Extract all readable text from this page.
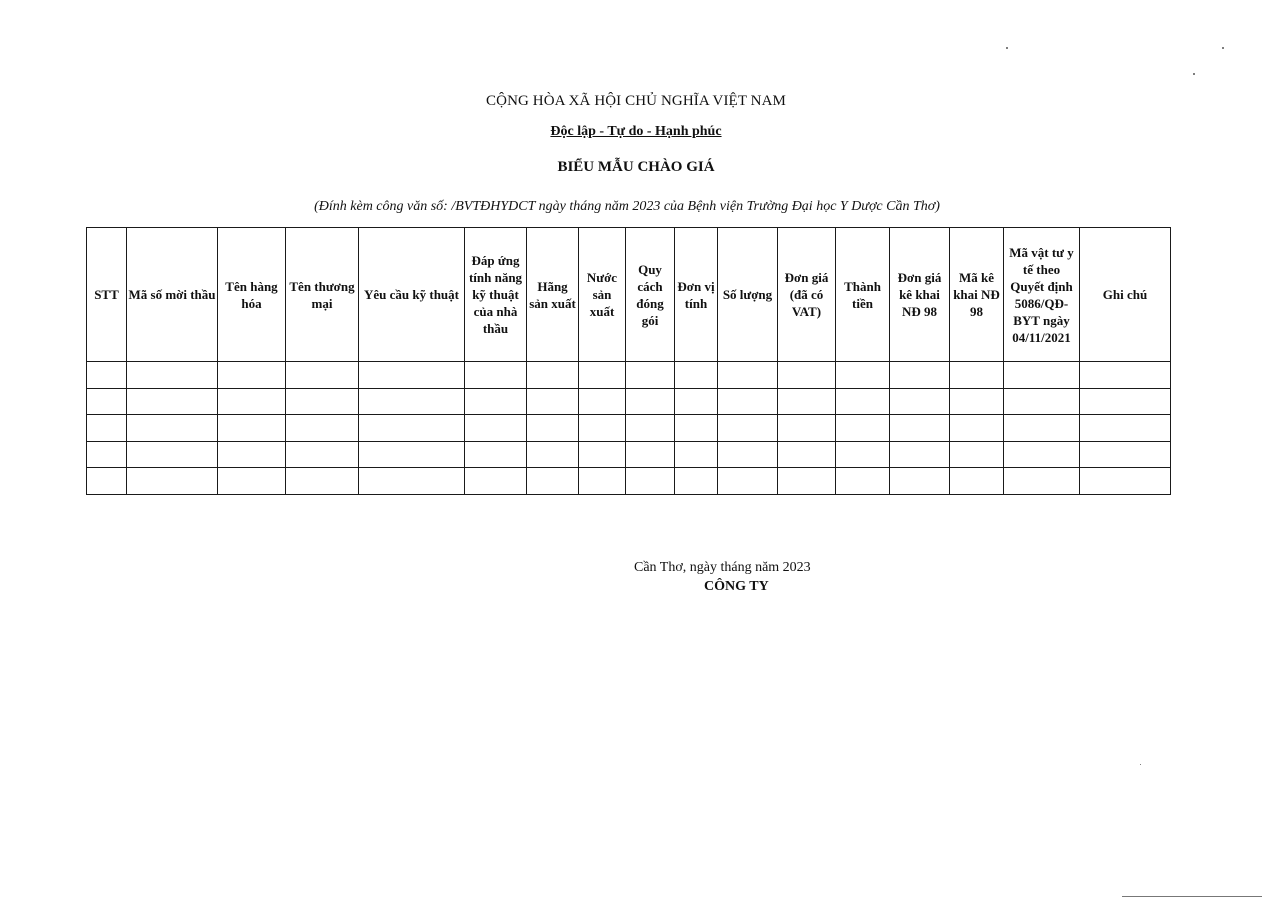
CỘNG HÒA XÃ HỘI CHỦ NGHĨA VIỆT NAM
Độc lập - Tự do - Hạnh phúc
BIỂU MẪU CHÀO GIÁ
(Đính kèm công văn số: /BVTĐHYDCT ngày tháng năm 2023 của Bệnh viện Trường Đại học Y Dược Cần Thơ)
STT	Mã số mời thầu	Tên hàng hóa	Tên thương mại	Yêu cầu kỹ thuật	Đáp ứng tính năng kỹ thuật của nhà thầu	Hãng sản xuất	Nước sản xuất	Quy cách đóng gói	Đơn vị tính	Số lượng	Đơn giá (đã có VAT)	Thành tiền	Đơn giá kê khai NĐ 98	Mã kê khai NĐ 98	Mã vật tư y tế theo Quyết định 5086/QĐ-BYT ngày 04/11/2021	Ghi chú

Cần Thơ, ngày tháng năm 2023
CÔNG TY
